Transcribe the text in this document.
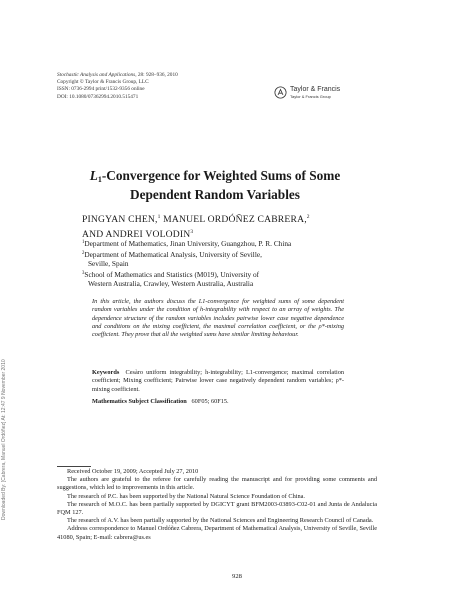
Downloaded By: [Cabrera, Manuel Ordóñez] At: 12:47 9 November 2010
Stochastic Analysis and Applications, 28: 928–936, 2010
Copyright © Taylor & Francis Group, LLC
ISSN: 0736-2994 print/1532-9356 online
DOI: 10.1080/07362994.2010.515471
Taylor & Francis
Taylor & Francis Group
$L_1$-Convergence for Weighted Sums of Some
Dependent Random Variables
PINGYAN CHEN,$^1$ MANUEL ORDÓÑEZ CABRERA,$^2$
AND ANDREI VOLODIN$^3$
$^1$Department of Mathematics, Jinan University, Guangzhou, P. R. China
$^2$Department of Mathematical Analysis, University of Seville,
Seville, Spain
$^3$School of Mathematics and Statistics (M019), University of
Western Australia, Crawley, Western Australia, Australia
In this article, the authors discuss the L1-convergence for weighted sums of some dependent random variables under the condition of h-integrability with respect to an array of weights. The dependence structure of the random variables includes pairwise lower case negative dependence and conditions on the mixing coefficient, the maximal correlation coefficient, or the ρ*-mixing coefficient. They prove that all the weighted sums have similar limiting behaviour.
Keywords Cesàro uniform integrability; h-integrability; L1-convergence; maximal correlation coefficient; Mixing coefficient; Pairwise lower case negatively dependent random variables; ρ*-mixing coefficient.
Mathematics Subject Classification 60F05; 60F15.

Received October 19, 2009; Accepted July 27, 2010

The authors are grateful to the referee for carefully reading the manuscript and for providing some comments and suggestions, which led to improvements in this article.

The research of P.C. has been supported by the National Natural Science Foundation of China.

The research of M.O.C. has been partially supported by DGICYT grant BFM2003-03893-C02-01 and Junta de Andalucia FQM 127.

The research of A.V. has been partially supported by the National Sciences and Engineering Research Council of Canada.

Address correspondence to Manuel Ordóñez Cabrera, Department of Mathematical Analysis, University of Seville, Seville 41080, Spain; E-mail: cabrera@us.es

928
